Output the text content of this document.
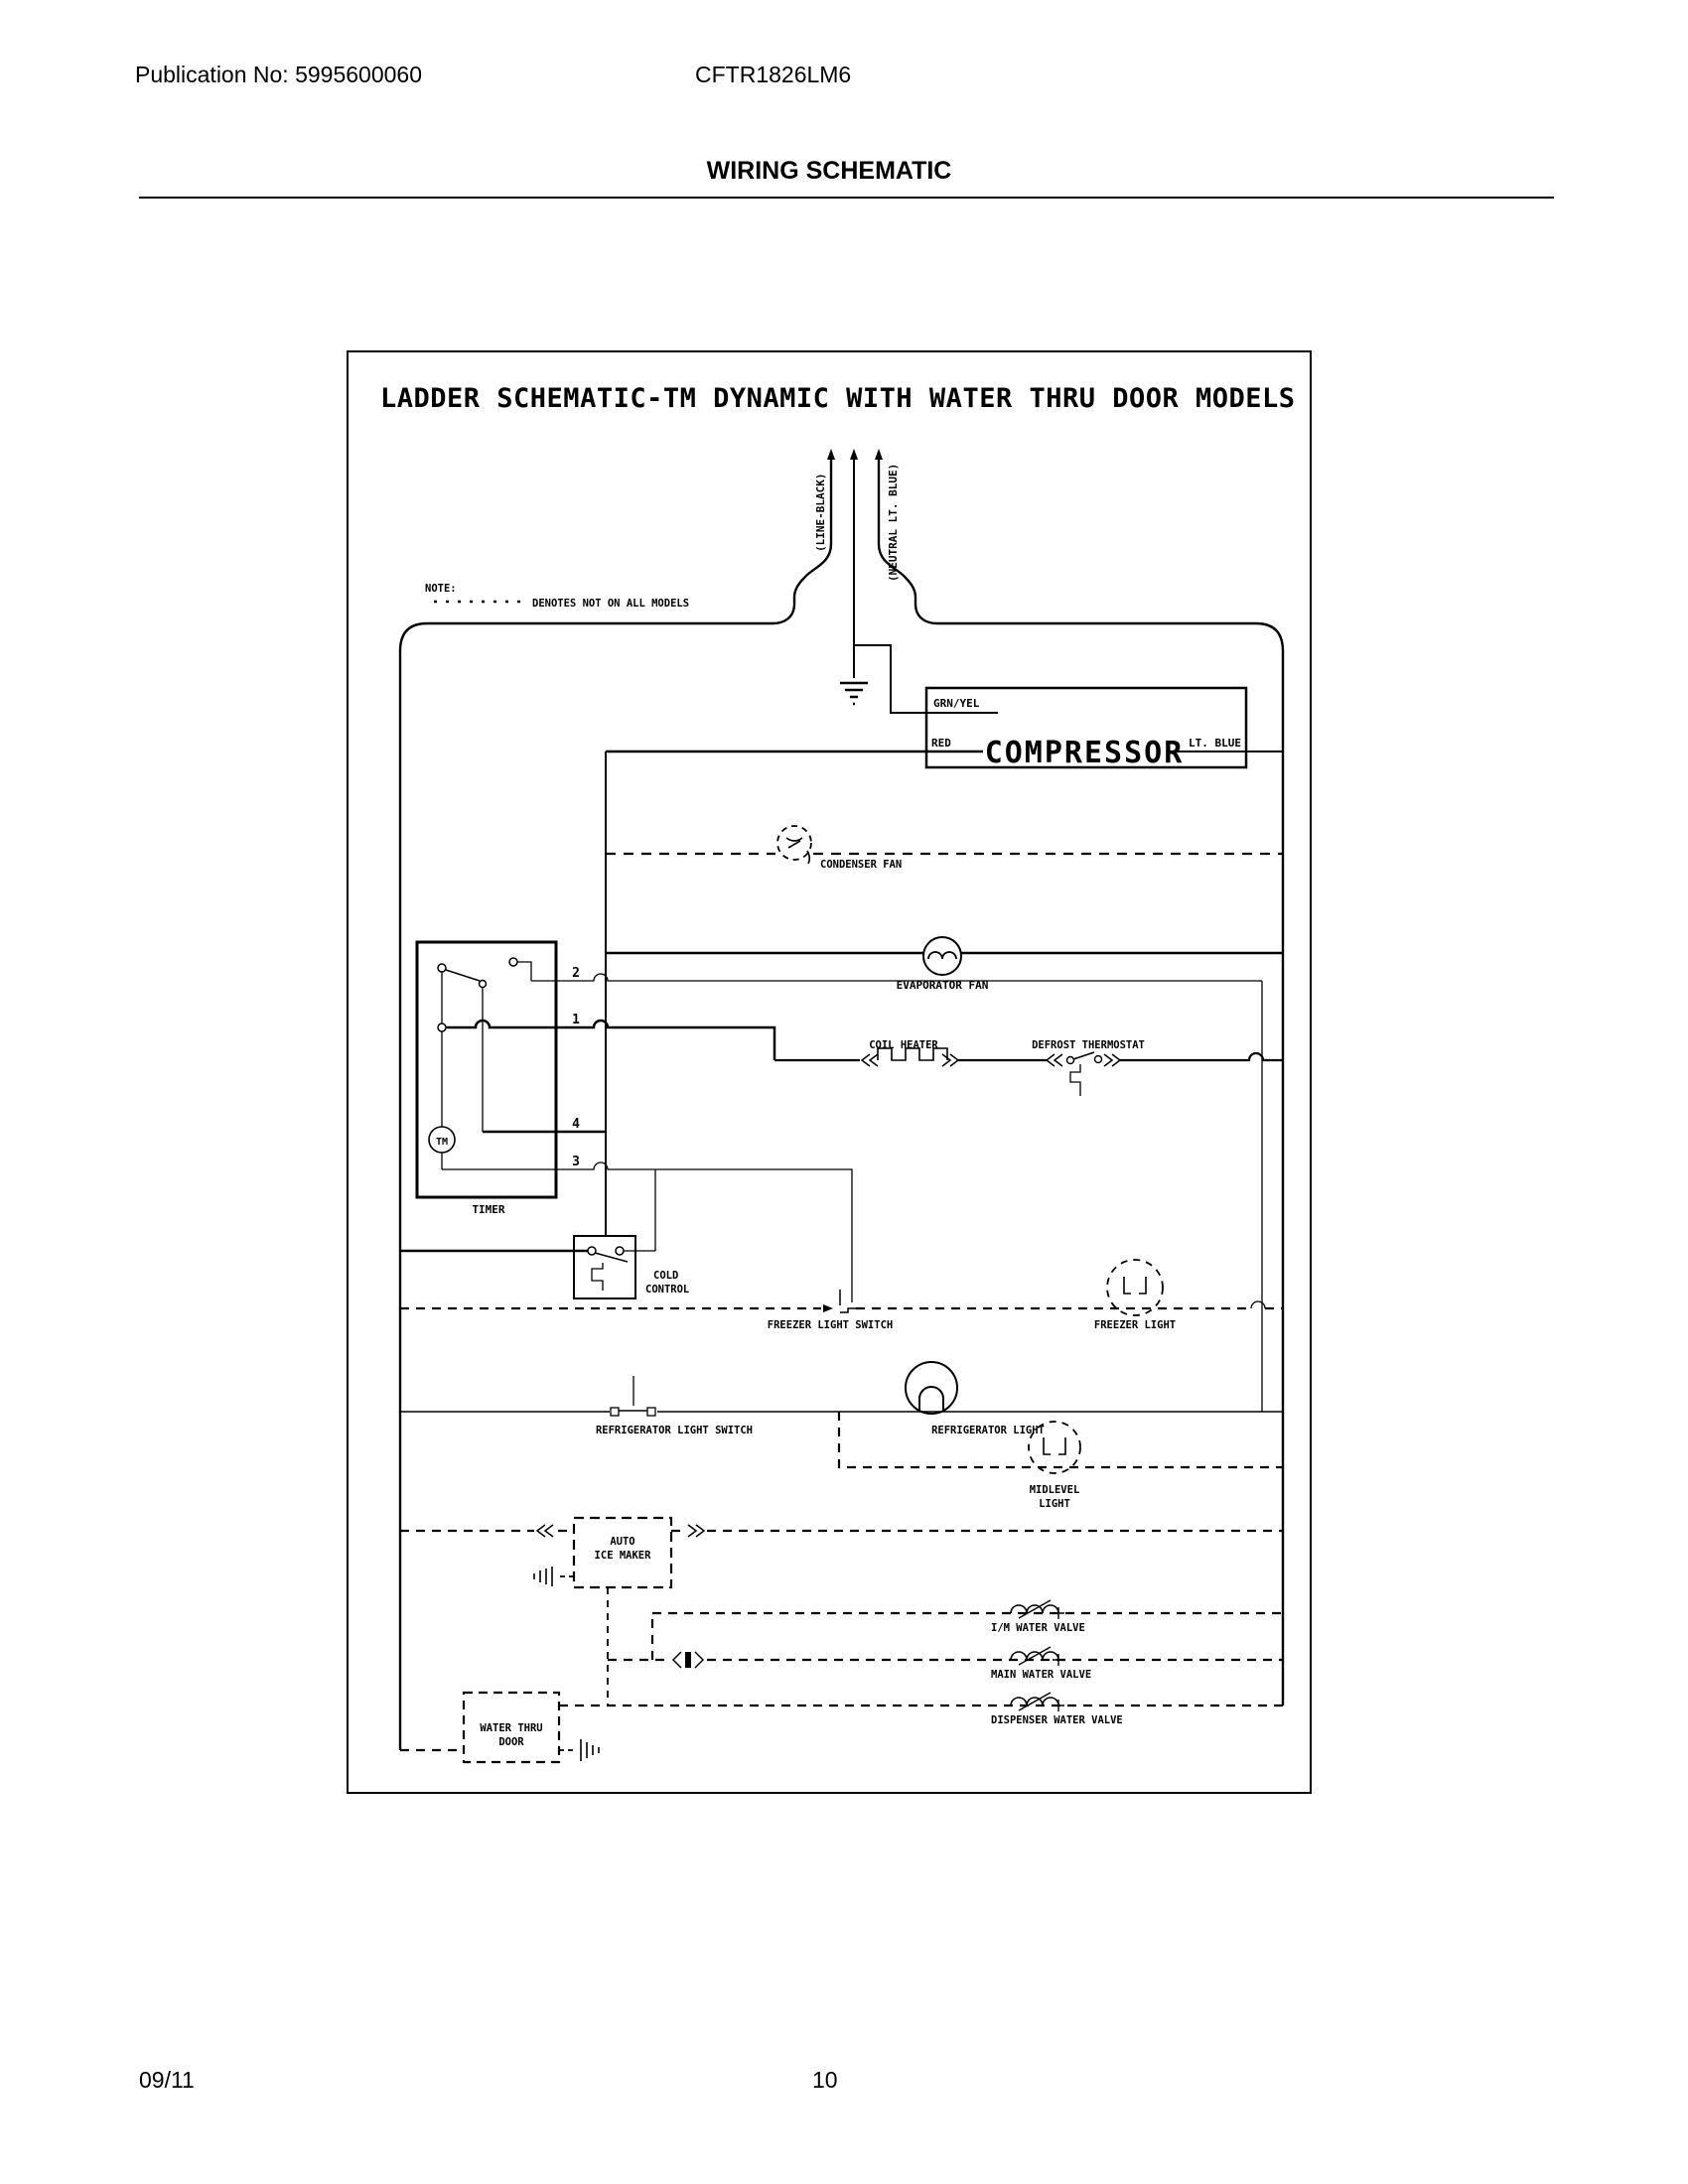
Publication No: 5995600060	CFTR1826LM6
WIRING SCHEMATIC
LADDER SCHEMATIC-TM DYNAMIC WITH WATER THRU DOOR MODELS
NOTE:
DENOTES NOT ON ALL MODELS
(LINE-BLACK)	(NEUTRAL LT. BLUE)
GRN/YEL
RED COMPRESSOR LT. BLUE
CONDENSER FAN
EVAPORATOR FAN
TM
TIMER
2
1
4
3
COIL HEATER	DEFROST THERMOSTAT
COLD
CONTROL
FREEZER LIGHT SWITCH	FREEZER LIGHT
REFRIGERATOR LIGHT SWITCH	REFRIGERATOR LIGHT
MIDLEVEL
LIGHT
AUTO
ICE MAKER
I/M WATER VALVE
MAIN WATER VALVE
DISPENSER WATER VALVE
WATER THRU
DOOR
09/11	10
